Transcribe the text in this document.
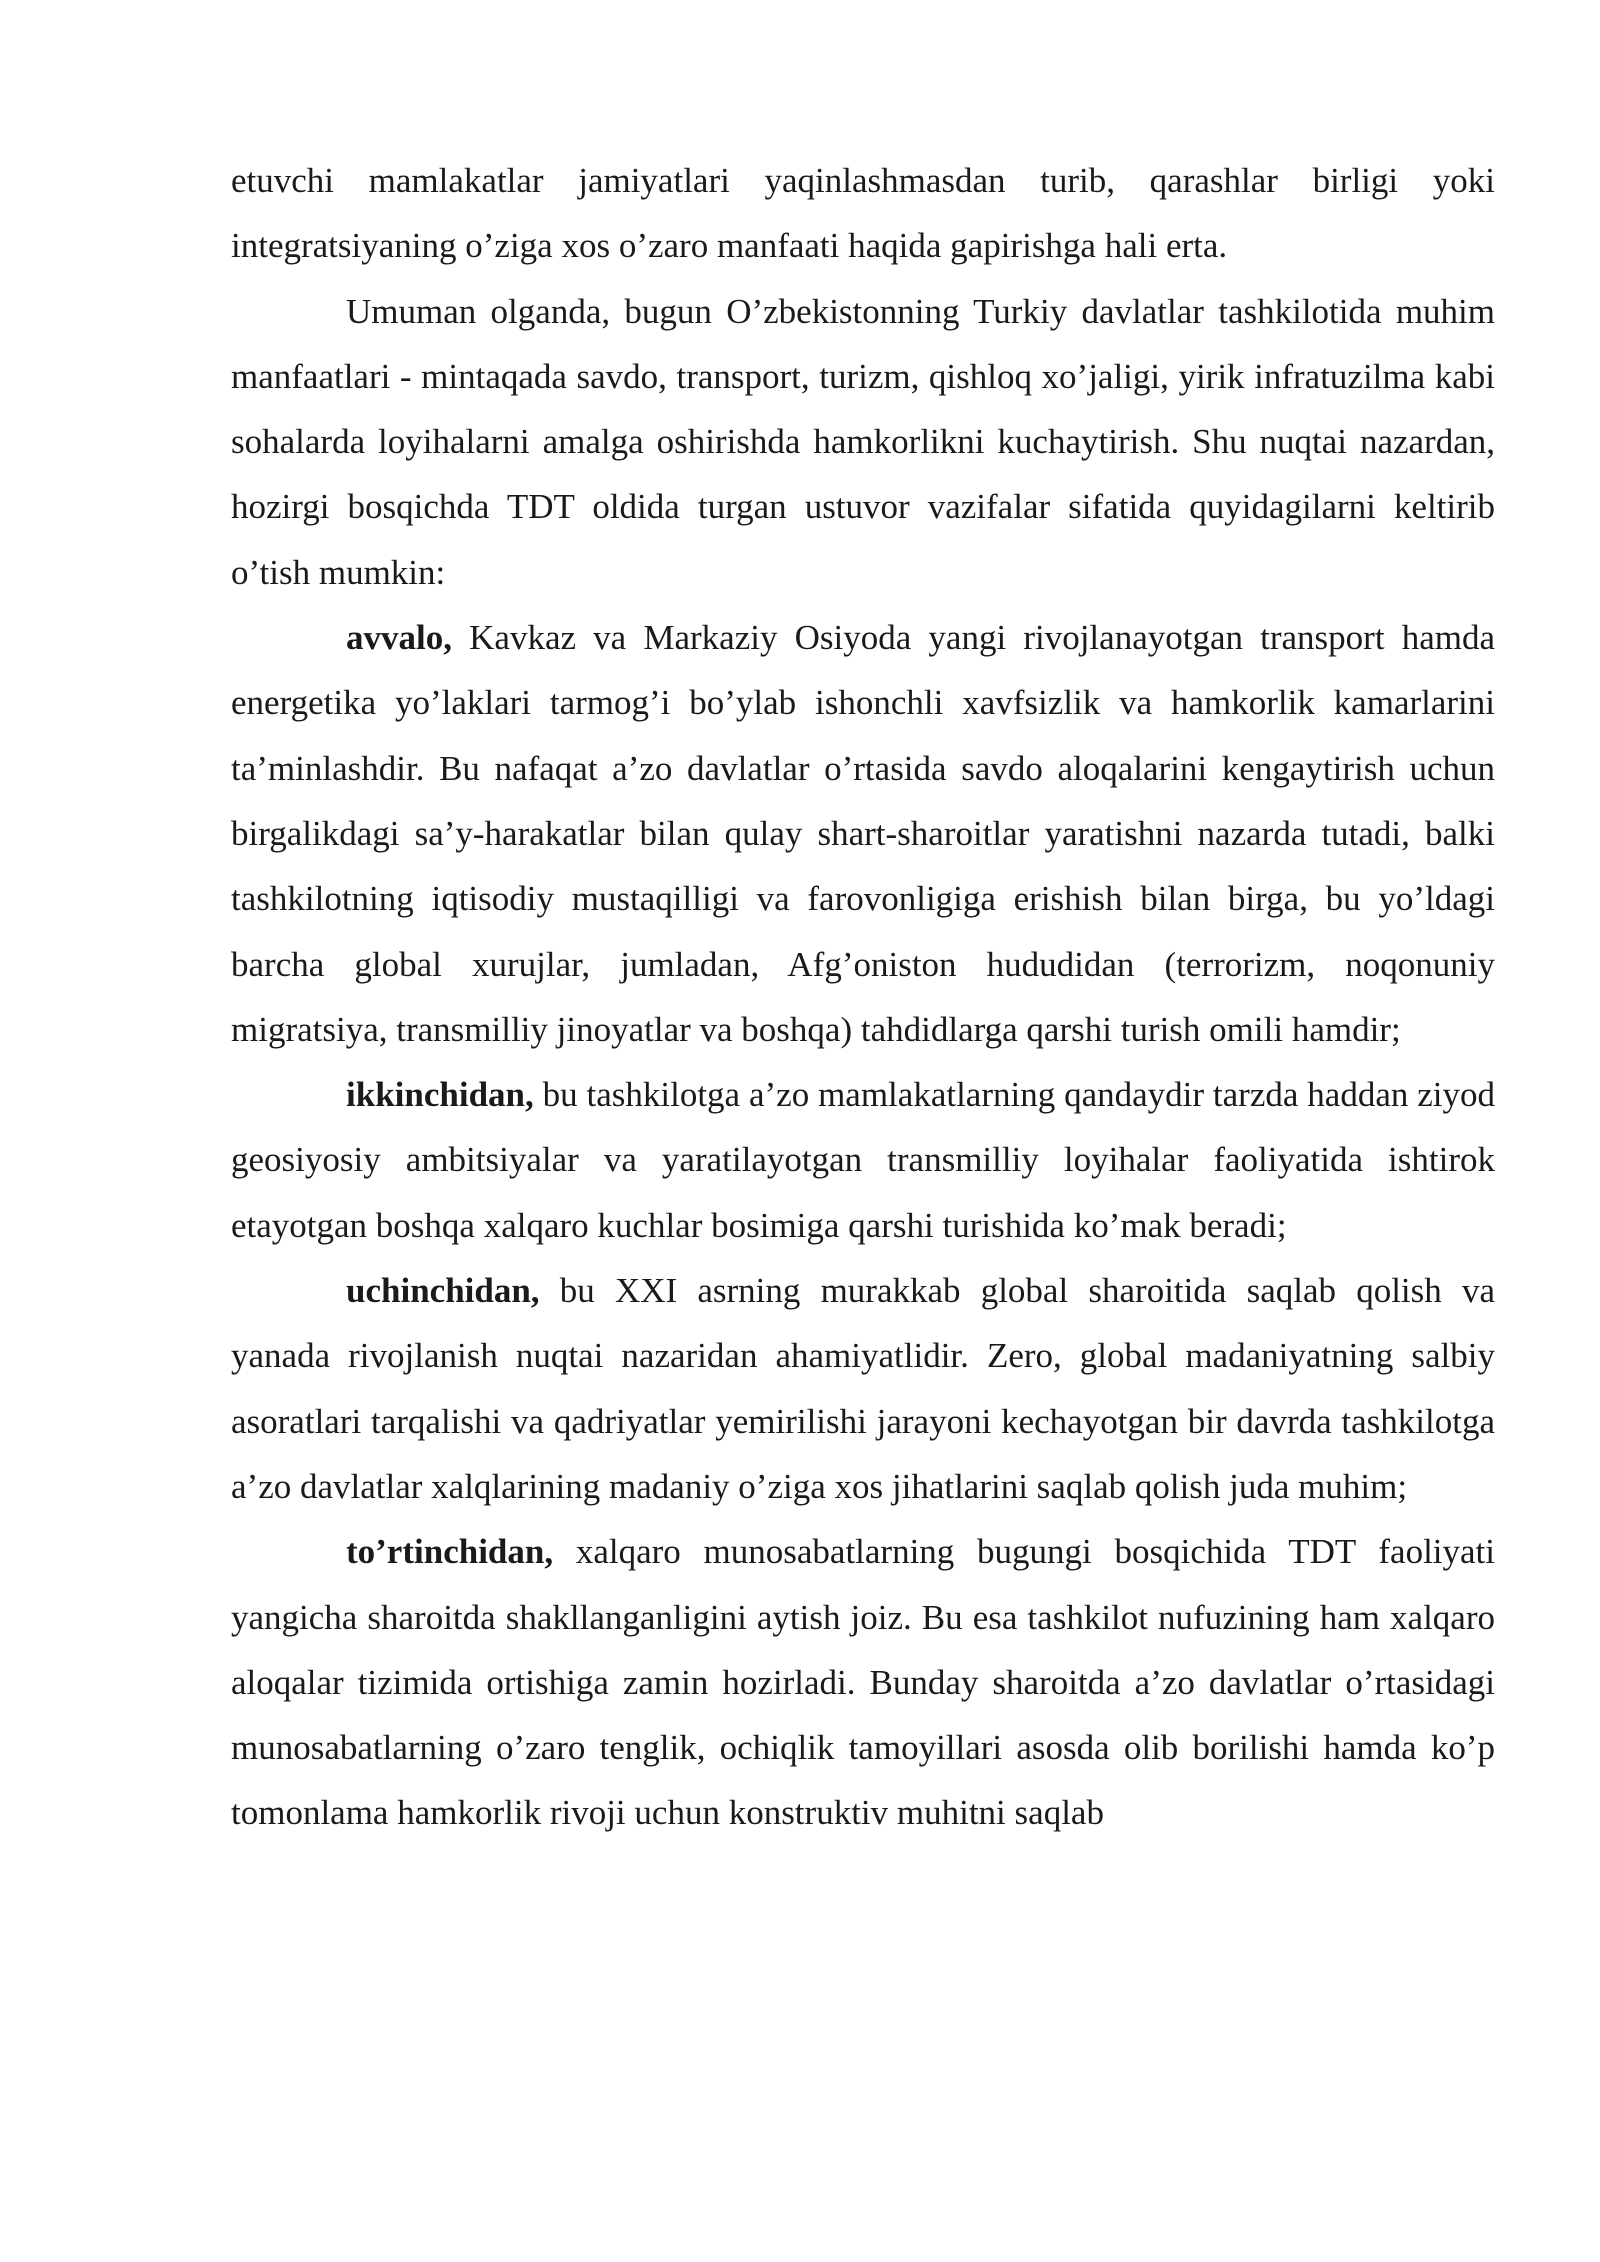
etuvchi mamlakatlar jamiyatlari yaqinlashmasdan turib, qarashlar birligi yoki integratsiyaning o’ziga xos o’zaro manfaati haqida gapirishga hali erta.

Umuman olganda, bugun O’zbekistonning Turkiy davlatlar tashkilotida muhim manfaatlari - mintaqada savdo, transport, turizm, qishloq xo’jaligi, yirik infratuzilma kabi sohalarda loyihalarni amalga oshirishda hamkorlikni kuchaytirish. Shu nuqtai nazardan, hozirgi bosqichda TDT oldida turgan ustuvor vazifalar sifatida quyidagilarni keltirib o’tish mumkin:

avvalo, Kavkaz va Markaziy Osiyoda yangi rivojlanayotgan transport hamda energetika yo’laklari tarmog’i bo’ylab ishonchli xavfsizlik va hamkorlik kamarlarini ta’minlashdir. Bu nafaqat a’zo davlatlar o’rtasida savdo aloqalarini kengaytirish uchun birgalikdagi sa’y-harakatlar bilan qulay shart-sharoitlar yaratishni nazarda tutadi, balki tashkilotning iqtisodiy mustaqilligi va farovonligiga erishish bilan birga, bu yo’ldagi barcha global xurujlar, jumladan, Afg’oniston hududidan (terrorizm, noqonuniy migratsiya, transmilliy jinoyatlar va boshqa) tahdidlarga qarshi turish omili hamdir;

ikkinchidan, bu tashkilotga a’zo mamlakatlarning qandaydir tarzda haddan ziyod geosiyosiy ambitsiyalar va yaratilayotgan transmilliy loyihalar faoliyatida ishtirok etayotgan boshqa xalqaro kuchlar bosimiga qarshi turishida ko’mak beradi;

uchinchidan, bu XXI asrning murakkab global sharoitida saqlab qolish va yanada rivojlanish nuqtai nazaridan ahamiyatlidir. Zero, global madaniyatning salbiy asoratlari tarqalishi va qadriyatlar yemirilishi jarayoni kechayotgan bir davrda tashkilotga a’zo davlatlar xalqlarining madaniy o’ziga xos jihatlarini saqlab qolish juda muhim;

to’rtinchidan, xalqaro munosabatlarning bugungi bosqichida TDT faoliyati yangicha sharoitda shakllanganligini aytish joiz. Bu esa tashkilot nufuzining ham xalqaro aloqalar tizimida ortishiga zamin hozirladi. Bunday sharoitda a’zo davlatlar o’rtasidagi munosabatlarning o’zaro tenglik, ochiqlik tamoyillari asosda olib borilishi hamda ko’p tomonlama hamkorlik rivoji uchun konstruktiv muhitni saqlab
